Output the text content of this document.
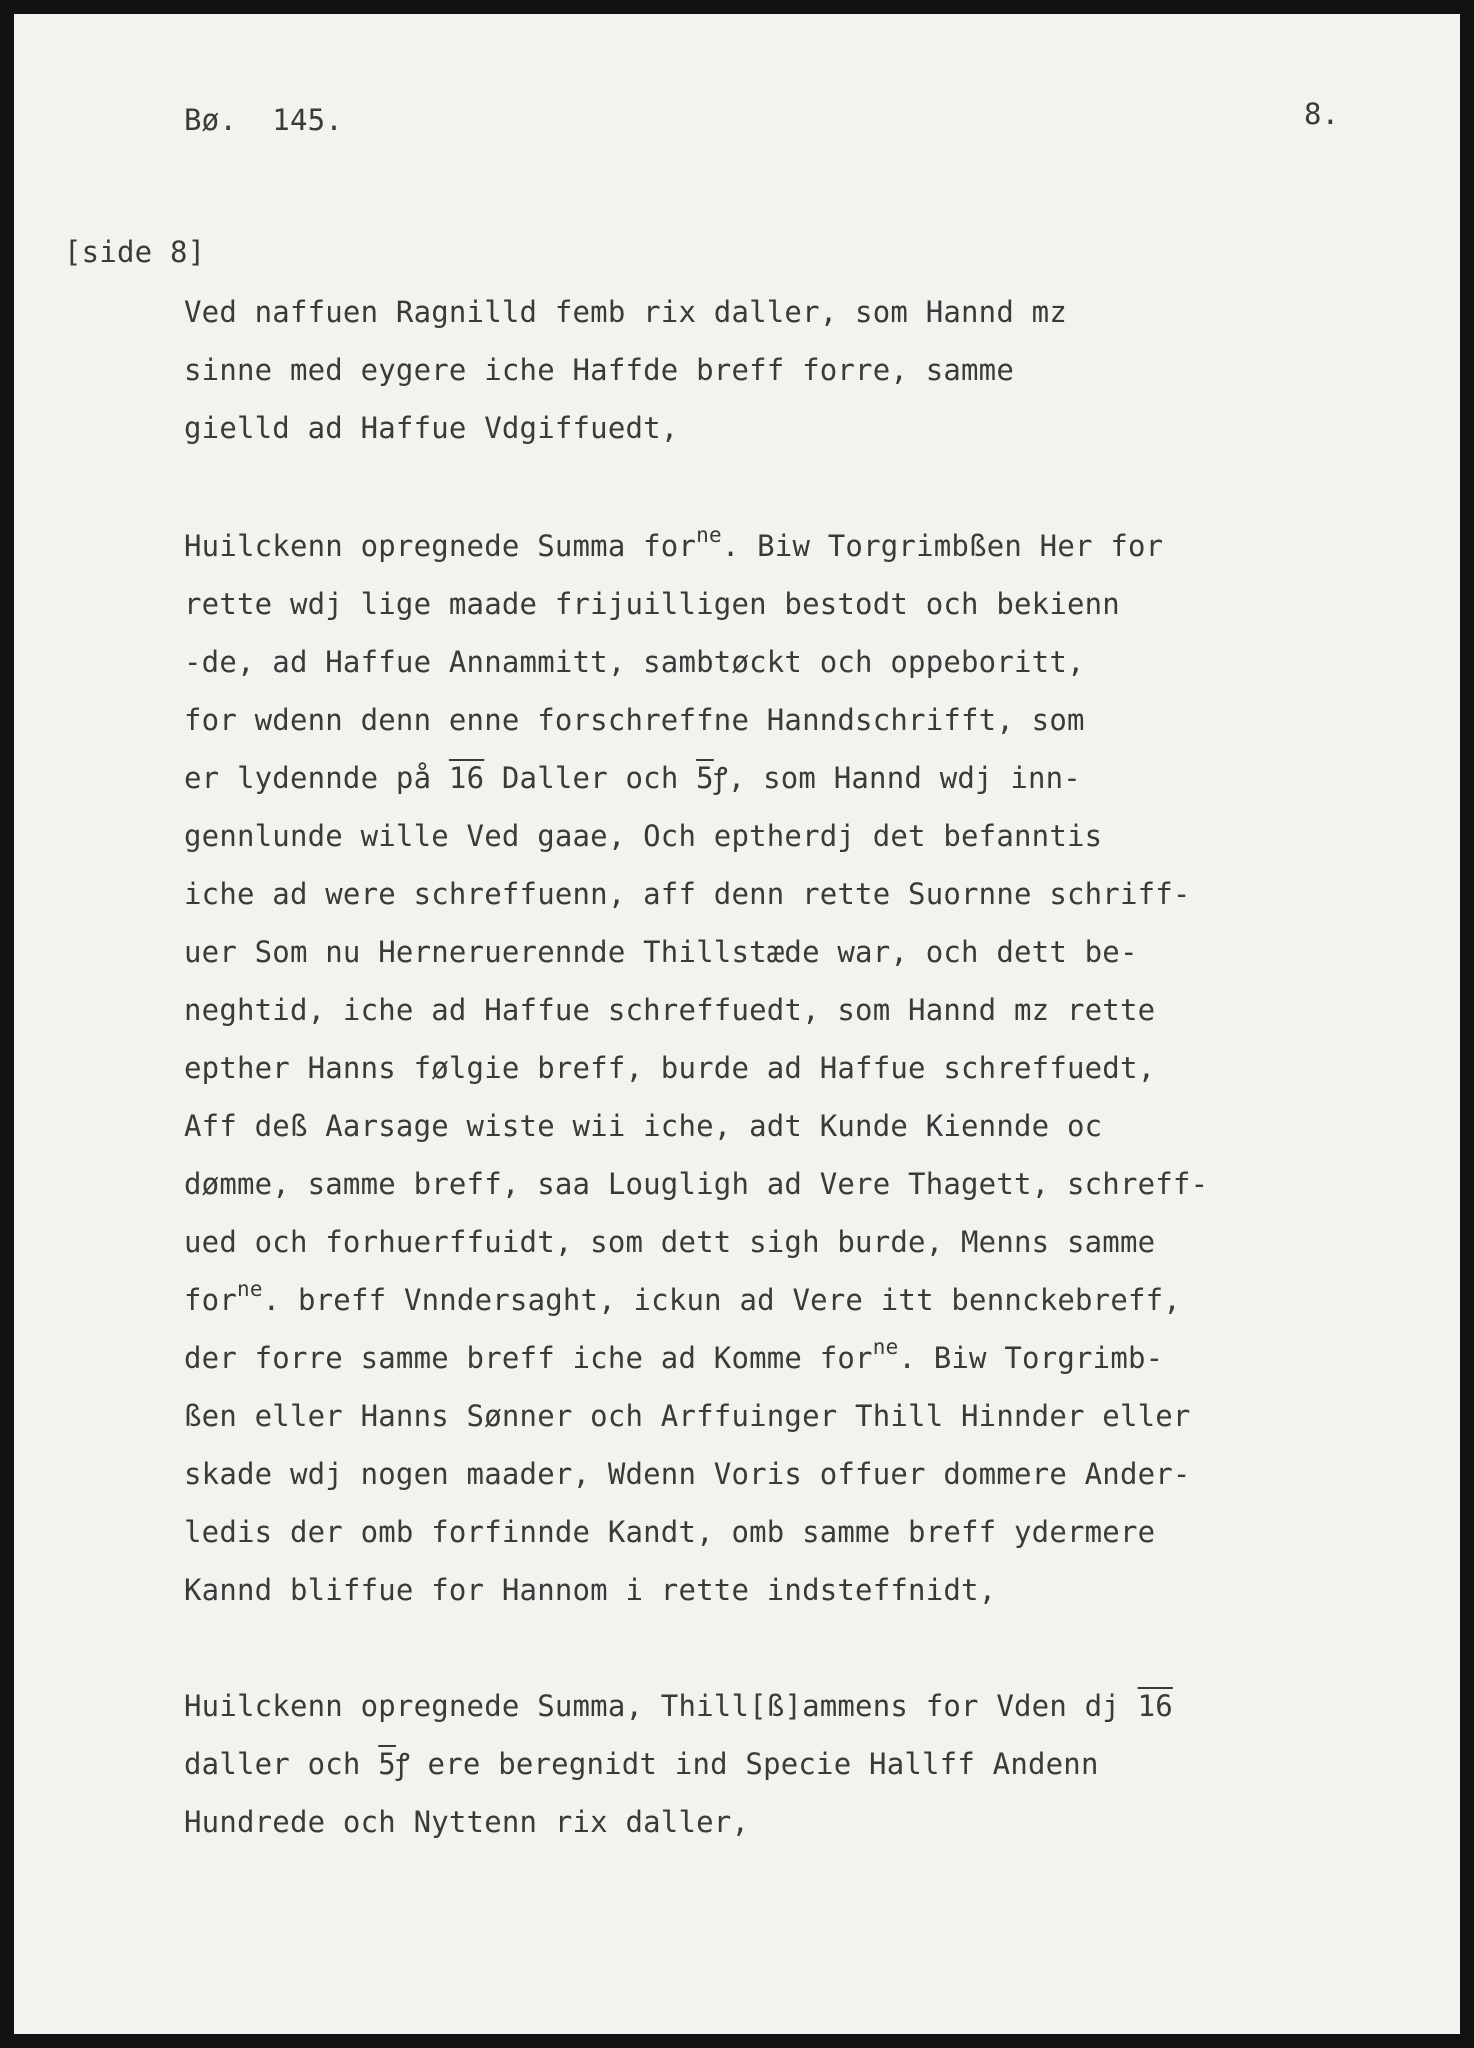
Bø.  145.	8.
[side 8]
Ved naffuen Ragnilld femb rix daller, som Hannd mz
sinne med eygere iche Haffde breff forre, samme
gielld ad Haffue Vdgiffuedt,
Huilckenn opregnede Summa for$^{ne}$. Biw Torgrimbßen Her for
rette wdj lige maade frijuilligen bestodt och bekienn
-de, ad Haffue Annammitt, sambtøckt och oppeboritt,
for wdenn denn enne forschreffne Hanndschrifft, som
er lydennde på 16 Daller och 5ꝭ, som Hannd wdj inn-
gennlunde wille Ved gaae, Och eptherdj det befanntis
iche ad were schreffuenn, aff denn rette Suornne schriff-
uer Som nu Herneruerennde Thillstæde war, och dett be-
neghtid, iche ad Haffue schreffuedt, som Hannd mz rette
epther Hanns følgie breff, burde ad Haffue schreffuedt,
Aff deß Aarsage wiste wii iche, adt Kunde Kiennde oc
dømme, samme breff, saa Lougligh ad Vere Thagett, schreff-
ued och forhuerffuidt, som dett sigh burde, Menns samme
for$^{ne}$. breff Vnndersaght, ickun ad Vere itt bennckebreff,
der forre samme breff iche ad Komme for$^{ne}$. Biw Torgrimb-
ßen eller Hanns Sønner och Arffuinger Thill Hinnder eller
skade wdj nogen maader, Wdenn Voris offuer dommere Ander-
ledis der omb forfinnde Kandt, omb samme breff ydermere
Kannd bliffue for Hannom i rette indsteffnidt,
Huilckenn opregnede Summa, Thill[ß]ammens for Vden dj 16
daller och 5ꝭ ere beregnidt ind Specie Hallff Andenn
Hundrede och Nyttenn rix daller,
